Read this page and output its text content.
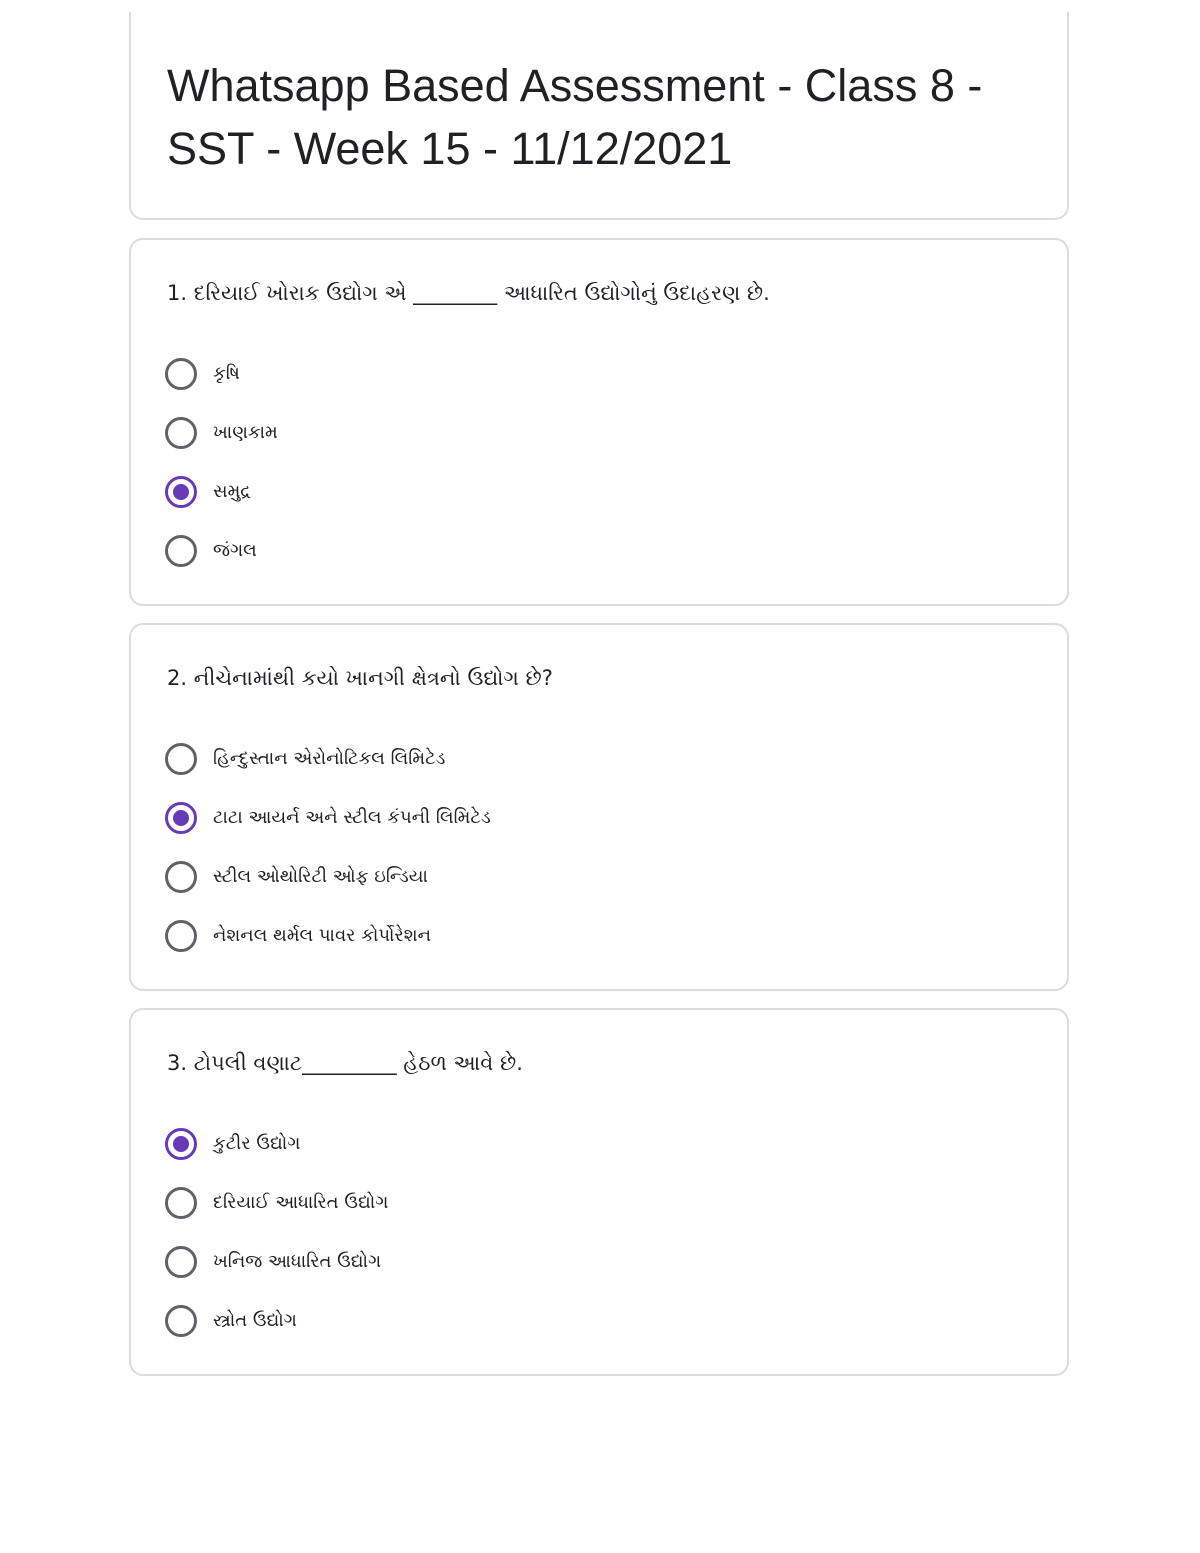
Whatsapp Based Assessment - Class 8 - SST - Week 15 - 11/12/2021
1. દરિયાઈ ખોરાક ઉદ્યોગ એ ________ આધારિત ઉદ્યોગોનું ઉદાહરણ છે.
કૃષિ
ખાણકામ
સમુદ્ર
જંગલ
2. નીચેનામાંથી કયો ખાનગી ક્ષેત્રનો ઉદ્યોગ છે?
હિન્દુસ્તાન એરોનોટિકલ લિમિટેડ
ટાટા આયર્ન અને સ્ટીલ કંપની લિમિટેડ
સ્ટીલ ઓથોરિટી ઓફ ઇન્ડિયા
નેશનલ થર્મલ પાવર કોર્પોરેશન
3. ટોપલી વણાટ_________ હેઠળ આવે છે.
કુટીર ઉદ્યોગ
દરિયાઈ આધારિત ઉદ્યોગ
ખનિજ આધારિત ઉદ્યોગ
સ્ત્રોત ઉદ્યોગ
